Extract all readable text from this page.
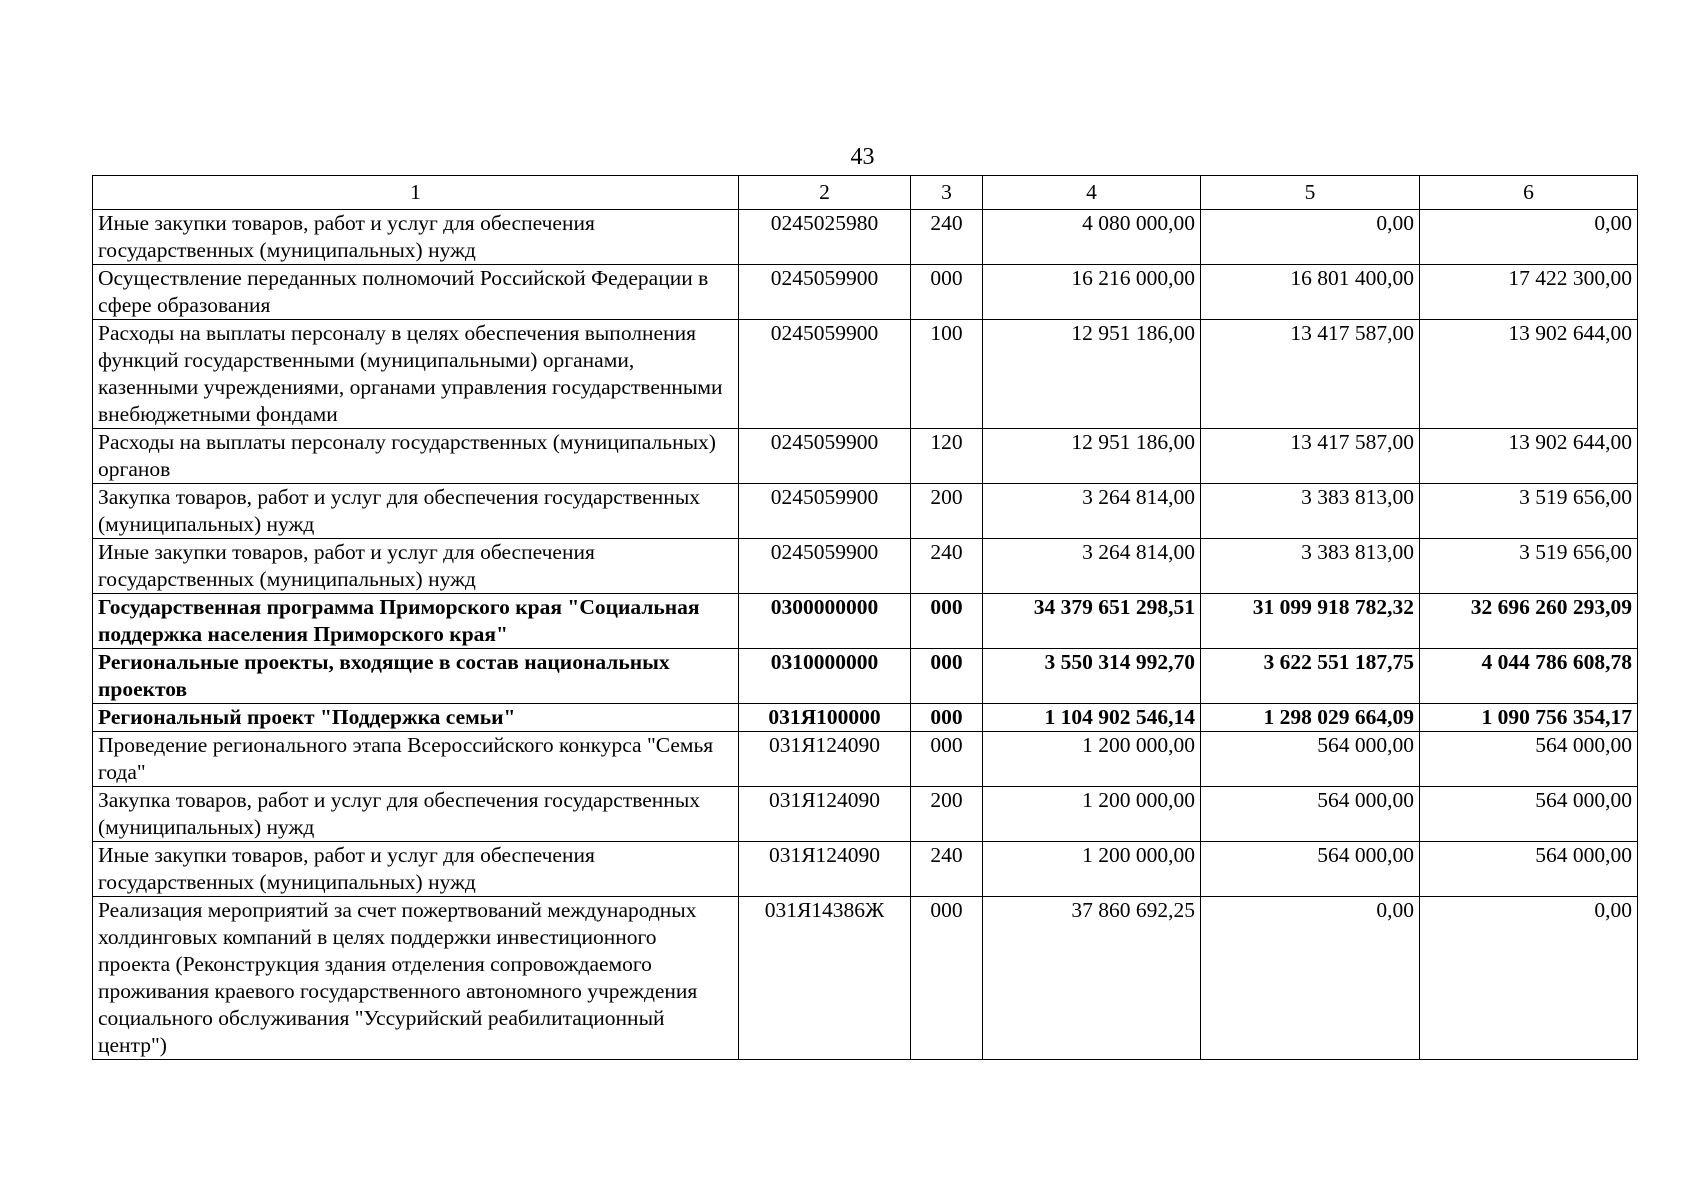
43
1	2	3	4	5	6
Иные закупки товаров, работ и услуг для обеспечения государственных (муниципальных) нужд	0245025980	240	4 080 000,00	0,00	0,00
Осуществление переданных полномочий Российской Федерации в сфере образования	0245059900	000	16 216 000,00	16 801 400,00	17 422 300,00
Расходы на выплаты персоналу в целях обеспечения выполнения функций государственными (муниципальными) органами, казенными учреждениями, органами управления государственными внебюджетными фондами	0245059900	100	12 951 186,00	13 417 587,00	13 902 644,00
Расходы на выплаты персоналу государственных (муниципальных) органов	0245059900	120	12 951 186,00	13 417 587,00	13 902 644,00
Закупка товаров, работ и услуг для обеспечения государственных (муниципальных) нужд	0245059900	200	3 264 814,00	3 383 813,00	3 519 656,00
Иные закупки товаров, работ и услуг для обеспечения государственных (муниципальных) нужд	0245059900	240	3 264 814,00	3 383 813,00	3 519 656,00
Государственная программа Приморского края "Социальная поддержка населения Приморского края"	0300000000	000	34 379 651 298,51	31 099 918 782,32	32 696 260 293,09
Региональные проекты, входящие в состав национальных проектов	0310000000	000	3 550 314 992,70	3 622 551 187,75	4 044 786 608,78
Региональный проект "Поддержка семьи"	031Я100000	000	1 104 902 546,14	1 298 029 664,09	1 090 756 354,17
Проведение регионального этапа Всероссийского конкурса "Семья года"	031Я124090	000	1 200 000,00	564 000,00	564 000,00
Закупка товаров, работ и услуг для обеспечения государственных (муниципальных) нужд	031Я124090	200	1 200 000,00	564 000,00	564 000,00
Иные закупки товаров, работ и услуг для обеспечения государственных (муниципальных) нужд	031Я124090	240	1 200 000,00	564 000,00	564 000,00
Реализация мероприятий за счет пожертвований международных холдинговых компаний в целях поддержки инвестиционного проекта (Реконструкция здания отделения сопровождаемого проживания краевого государственного автономного учреждения социального обслуживания "Уссурийский реабилитационный центр")	031Я14386Ж	000	37 860 692,25	0,00	0,00
